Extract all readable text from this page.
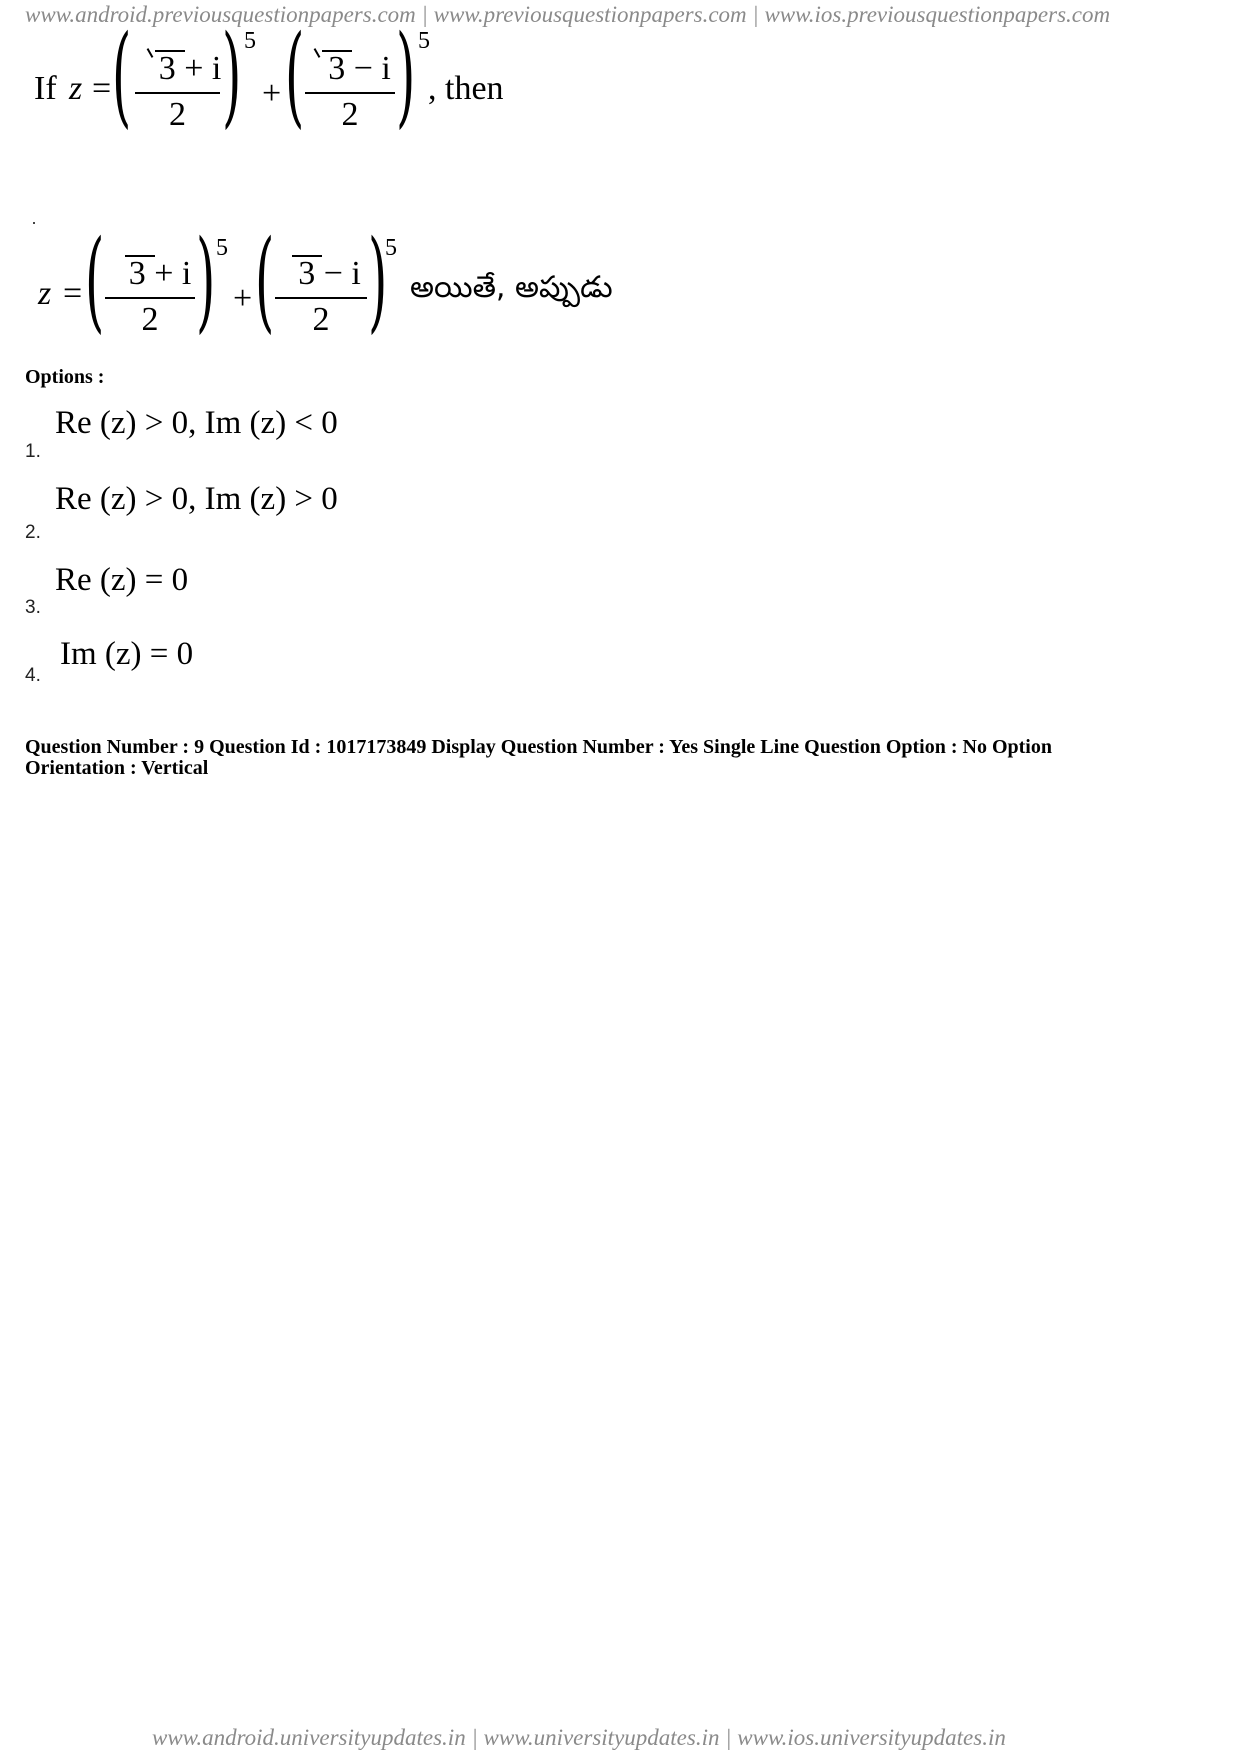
www.android.previousquestionpapers.com | www.previousquestionpapers.com | www.ios.previousquestionpapers.com
If z = ( 3 + i
2 ) 5
+ ( 3 − i
2 ) 5
, then
z = ( 3 + i
2 ) 5
+ ( 3 − i
2 )
5
అయితే, అప్పుడు
Options :
1.
Re (z) > 0, Im (z) < 0
2.
Re (z) > 0, Im (z) > 0
3.
Re (z) = 0
4.
Im (z) = 0
Question Number : 9 Question Id : 1017173849 Display Question Number : Yes Single Line Question Option : No Option
Orientation : Vertical
www.android.universityupdates.in | www.universityupdates.in | www.ios.universityupdates.in
